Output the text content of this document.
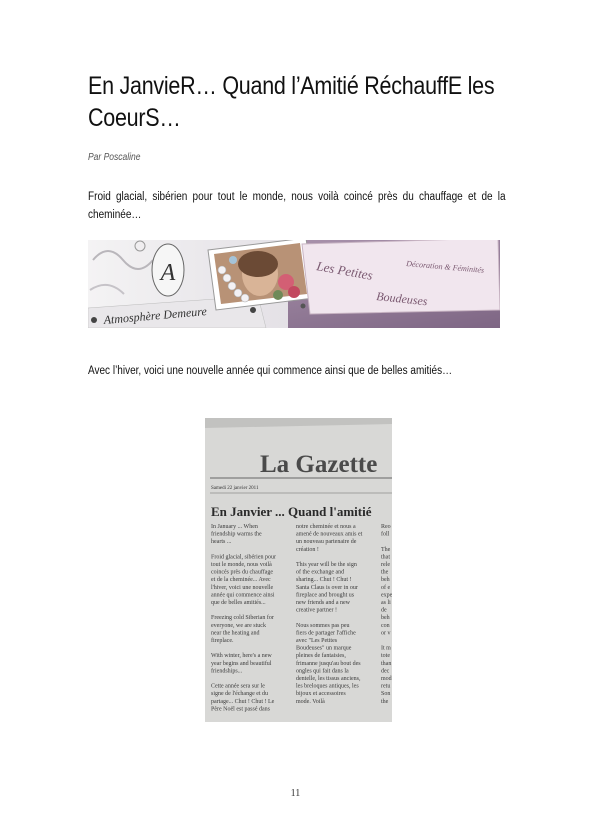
En JanvieR… Quand l’Amitié RéchauffE les CoeurS…
Par Poscaline

Froid glacial, sibérien pour tout le monde, nous voilà coincé près du chauffage et de la cheminée…

A
Atmosphère Demeure
Les Petites
Boudeuses
Décoration & Féminités

Avec l’hiver, voici une nouvelle année qui commence ainsi que de belles amitiés…

La Gazette
Samedi 22 janvier 2011
En Janvier ... Quand l'amitié
In January ... When
friendship warms the
hearts ...
Froid glacial, sibérien pour
tout le monde, nous voilà
coincés près du chauffage
et de la cheminée... Avec
l'hiver, voici une nouvelle
année qui commence ainsi
que de belles amitiés...
Freezing cold Siberian for
everyone, we are stuck
near the heating and
fireplace.
With winter, here's a new
year begins and beautiful
friendships...
Cette année sera sur le
signe de l'échange et du
partage... Chut ! Chut ! Le
Père Noël est passé dans
notre cheminée et nous a
amené de nouveaux amis et
un nouveau partenaire de
création !
This year will be the sign
of the exchange and
sharing... Chut ! Chut !
Santa Claus is over in our
fireplace and brought us
new friends and a new
creative partner !
Nous sommes pas peu
fiers de partager l'affiche
avec "Les Petites
Boudeuses" un marque
pleines de fantaisies,
frimanne jusqu'au bout des
ongles qui fait dans la
dentelle, les tissus anciens,
les breloques antiques, les
bijoux et accessoires
mode. Voilà
Reo
foll
The
that
rele
the
beh
of e
expe
as li
de
beh
con
or v
It m
tote
than
dec
mod
retu
Son
the
11
